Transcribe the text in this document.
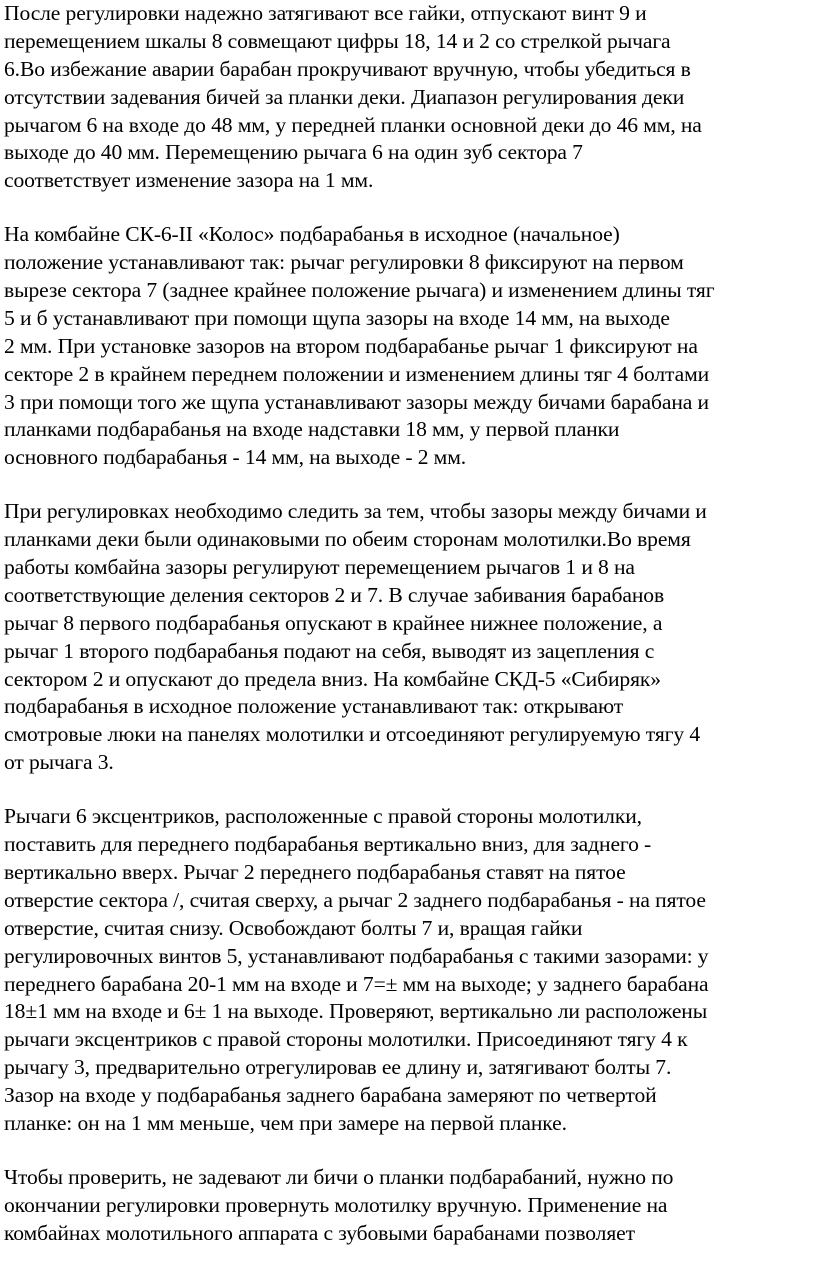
После регулировки надежно затягивают все гайки, отпускают винт 9 и
перемещением шкалы 8 совмещают цифры 18, 14 и 2 со стрелкой рычага
6.Во избежание аварии барабан прокручивают вручную, чтобы убедиться в
отсутствии задевания бичей за планки деки. Диапазон регулирования деки
рычагом 6 на входе до 48 мм, у передней планки основной деки до 46 мм, на
выходе до 40 мм. Перемещению рычага 6 на один зуб сектора 7
соответствует изменение зазора на 1 мм.

На комбайне СК-6-II «Колос» подбарабанья в исходное (начальное)
положение устанавливают так: рычаг регулировки 8 фиксируют на первом
вырезе сектора 7 (заднее крайнее положение рычага) и изменением длины тяг
5 и б устанавливают при помощи щупа зазоры на входе 14 мм, на выходе
2 мм. При установке зазоров на втором подбарабанье рычаг 1 фиксируют на
секторе 2 в крайнем переднем положении и изменением длины тяг 4 болтами
3 при помощи того же щупа устанавливают зазоры между бичами барабана и
планками подбарабанья на входе надставки 18 мм, у первой планки
основного подбарабанья - 14 мм, на выходе - 2 мм.

При регулировках необходимо следить за тем, чтобы зазоры между бичами и
планками деки были одинаковыми по обеим сторонам молотилки.Во время
работы комбайна зазоры регулируют перемещением рычагов 1 и 8 на
соответствующие деления секторов 2 и 7. В случае забивания барабанов
рычаг 8 первого подбарабанья опускают в крайнее нижнее положение, а
рычаг 1 второго подбарабанья подают на себя, выводят из зацепления с
сектором 2 и опускают до предела вниз. На комбайне СКД-5 «Сибиряк»
подбарабанья в исходное положение устанавливают так: открывают
смотровые люки на панелях молотилки и отсоединяют регулируемую тягу 4
от рычага 3.

Рычаги 6 эксцентриков, расположенные с правой стороны молотилки,
поставить для переднего подбарабанья вертикально вниз, для заднего -
вертикально вверх. Рычаг 2 переднего подбарабанья ставят на пятое
отверстие сектора /, считая сверху, а рычаг 2 заднего подбарабанья - на пятое
отверстие, считая снизу. Освобождают болты 7 и, вращая гайки
регулировочных винтов 5, устанавливают подбарабанья с такими зазорами: у
переднего барабана 20-1 мм на входе и 7=± мм на выходе; у заднего барабана
18±1 мм на входе и 6± 1 на выходе. Проверяют, вертикально ли расположены
рычаги эксцентриков с правой стороны молотилки. Присоединяют тягу 4 к
рычагу 3, предварительно отрегулировав ее длину и, затягивают болты 7.
Зазор на входе у подбарабанья заднего барабана замеряют по четвертой
планке: он на 1 мм меньше, чем при замере на первой планке.

Чтобы проверить, не задевают ли бичи о планки подбарабаний, нужно по
окончании регулировки провернуть молотилку вручную. Применение на
комбайнах молотильного аппарата с зубовыми барабанами позволяет
